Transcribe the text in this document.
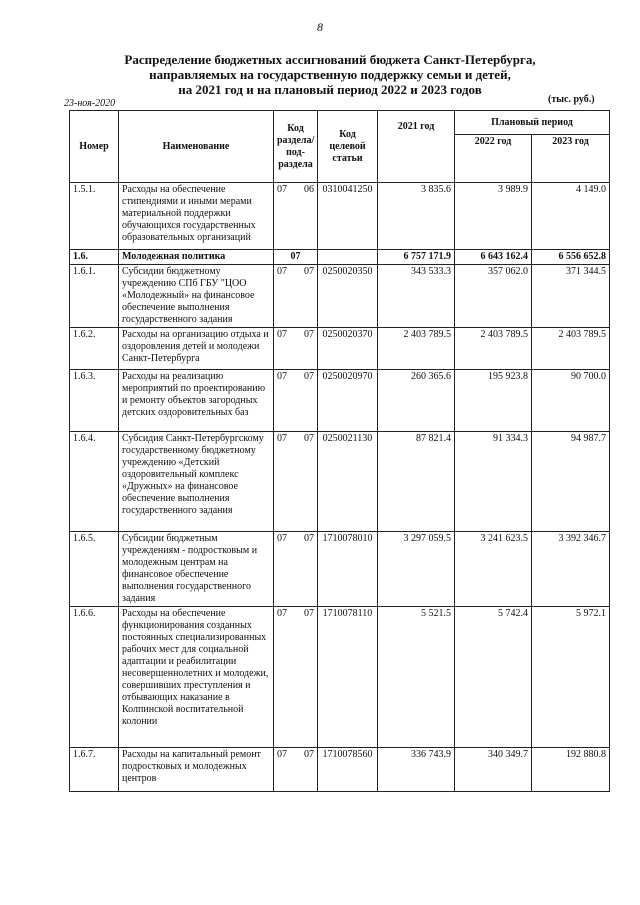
8
Распределение бюджетных ассигнований бюджета Санкт-Петербурга,
направляемых на государственную поддержку семьи и детей,
на 2021 год и на плановый период 2022 и 2023 годов
23-ноя-2020	(тыс. руб.)
Номер	Наименование	Код раздела/ под-раздела	Код целевой статьи	2021 год	Плановый период	
					2022 год	2023 год
1.5.1.	Расходы на обеспечение стипендиями и иными мерами материальной поддержки обучающихся государственных образовательных организаций	07 06	0310041250	3 835.6	3 989.9	4 149.0
1.6.	Молодежная политика	07		6 757 171.9	6 643 162.4	6 556 652.8
1.6.1.	Субсидии бюджетному учреждению СПб ГБУ "ЦОО «Молодежный» на финансовое обеспечение выполнения государственного задания	07 07	0250020350	343 533.3	357 062.0	371 344.5
1.6.2.	Расходы на организацию отдыха и оздоровления детей и молодежи Санкт-Петербурга	07 07	0250020370	2 403 789.5	2 403 789.5	2 403 789.5
1.6.3.	Расходы на реализацию мероприятий по проектированию и ремонту объектов загородных детских оздоровительных баз	07 07	0250020970	260 365.6	195 923.8	90 700.0
1.6.4.	Субсидия Санкт-Петербургскому государственному бюджетному учреждению «Детский оздоровительный комплекс «Дружных» на финансовое обеспечение выполнения государственного задания	07 07	0250021130	87 821.4	91 334.3	94 987.7
1.6.5.	Субсидии бюджетным учреждениям - подростковым и молодежным центрам на финансовое обеспечение выполнения государственного задания	07 07	1710078010	3 297 059.5	3 241 623.5	3 392 346.7
1.6.6.	Расходы на обеспечение функционирования созданных постоянных специализированных рабочих мест для социальной адаптации и реабилитации несовершеннолетних и молодежи, совершивших преступления и отбывающих наказание в Колпинской воспитательной колонии	07 07	1710078110	5 521.5	5 742.4	5 972.1
1.6.7.	Расходы на капитальный ремонт подростковых и молодежных центров	07 07	1710078560	336 743.9	340 349.7	192 880.8
